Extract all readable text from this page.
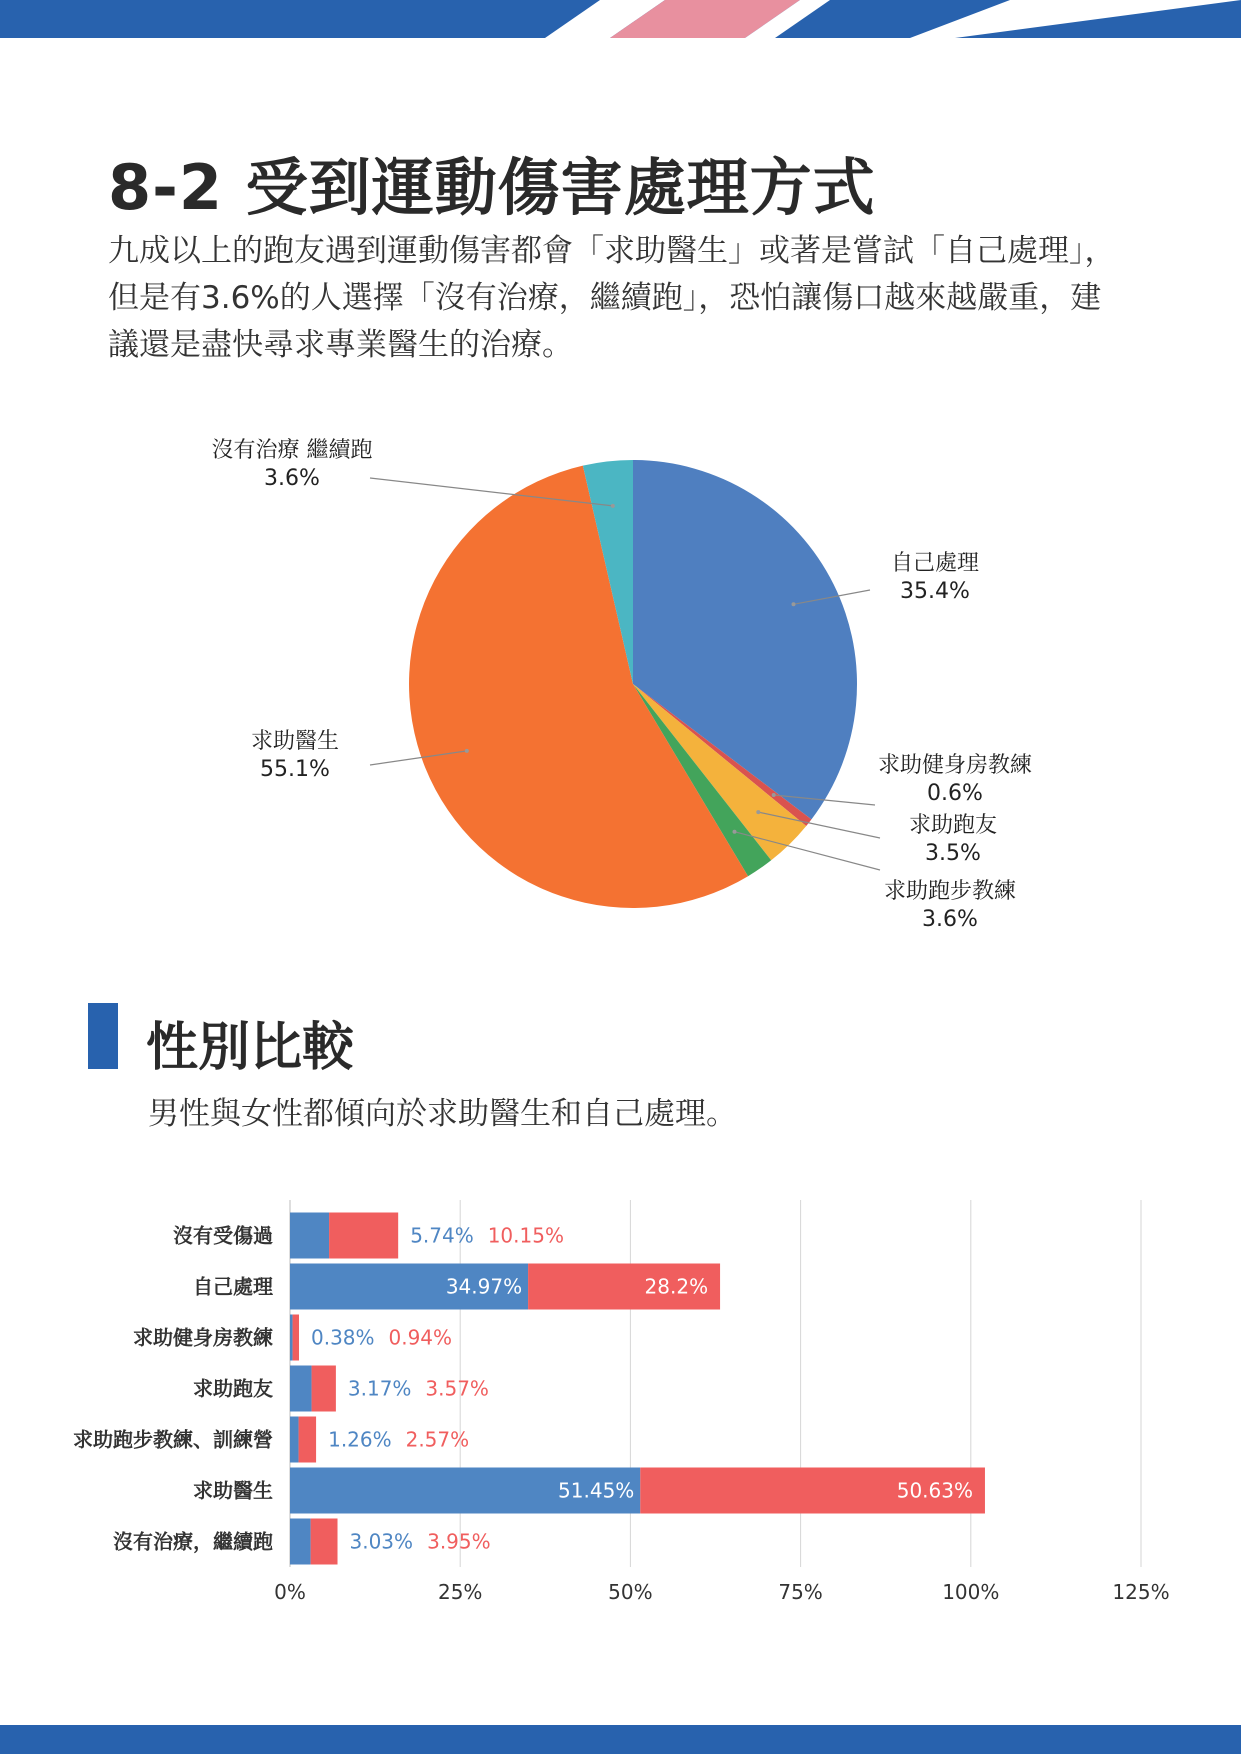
8-2 受到運動傷害處理方式

九成以上的跑友遇到運動傷害都會「求助醫生」或著是嘗試「自己處理」，但是有3.6%的人選擇「沒有治療，繼續跑」，恐怕讓傷口越來越嚴重，建議還是盡快尋求專業醫生的治療。

自己處理
35.4%
求助健身房教練
0.6%
求助跑友
3.5%
求助跑步教練
3.6%
求助醫生
55.1%
沒有治療 繼續跑
3.6%
性別比較

男性與女性都傾向於求助醫生和自己處理。

0%	25%	50%	75%	100%	125%
沒有受傷過	5.74% 10.15%
自己處理	34.97%	28.2%
求助健身房教練 0.38% 0.94%
求助跑友	3.17% 3.57%
求助跑步教練、訓練營	1.26% 2.57%
求助醫生	51.45%	50.63%
沒有治療，繼續跑	3.03% 3.95%
